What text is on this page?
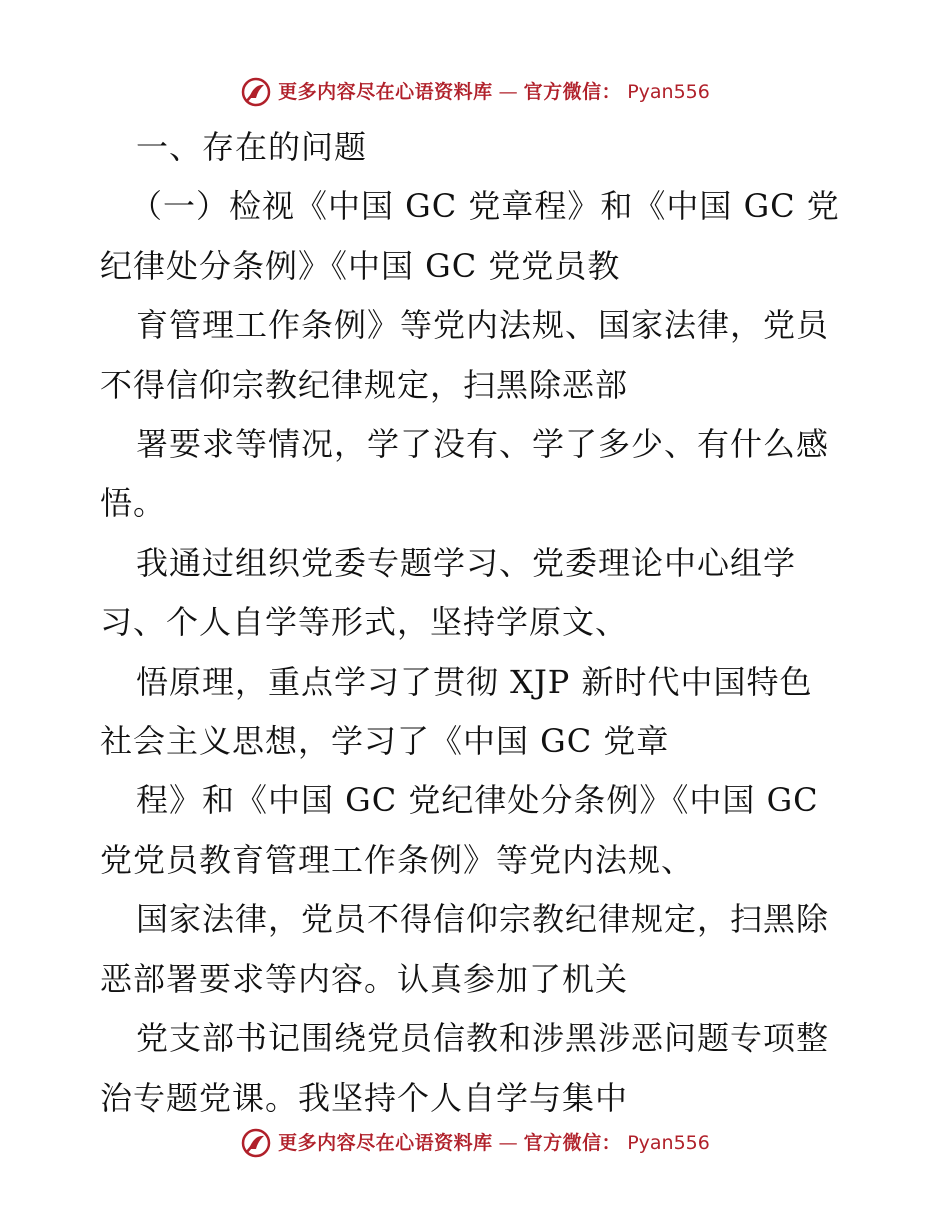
更多内容尽在心语资料库 — 官方微信： Pyan556
一、存在的问题
（一）检视《中国 GC 党章程》和《中国 GC 党
纪律处分条例》《中国 GC 党党员教
育管理工作条例》等党内法规、国家法律，党员
不得信仰宗教纪律规定，扫黑除恶部
署要求等情况，学了没有、学了多少、有什么感
悟。
我通过组织党委专题学习、党委理论中心组学
习、个人自学等形式，坚持学原文、
悟原理，重点学习了贯彻 XJP 新时代中国特色
社会主义思想，学习了《中国 GC 党章
程》和《中国 GC 党纪律处分条例》《中国 GC
党党员教育管理工作条例》等党内法规、
国家法律，党员不得信仰宗教纪律规定，扫黑除
恶部署要求等内容。认真参加了机关
党支部书记围绕党员信教和涉黑涉恶问题专项整
治专题党课。我坚持个人自学与集中
更多内容尽在心语资料库 — 官方微信： Pyan556
